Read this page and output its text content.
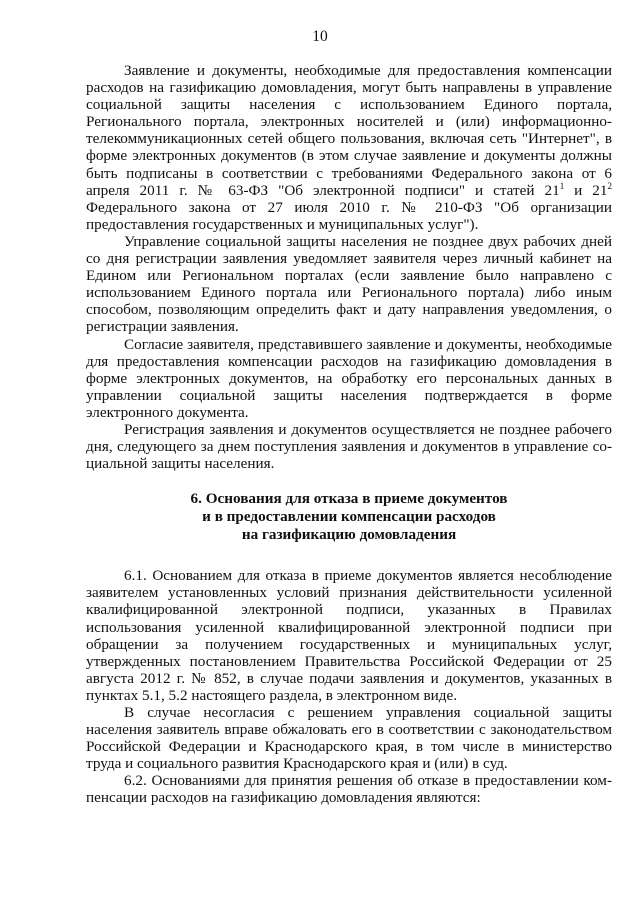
10

Заявление и документы, необходимые для предоставления компенсации расходов на газификацию домовладения, могут быть направлены в управление социальной защиты населения с использованием Единого портала, Регионального портала, электронных носителей и (или) информационно-телекоммуникационных сетей общего пользования, включая сеть "Интернет", в форме электронных документов (в этом случае заявление и документы должны быть подписаны в соответствии с требованиями Федерального закона от 6 апреля 2011 г. № 63-ФЗ "Об электронной подписи" и статей $21^1$ и $21^2$ Федерального закона от 27 июля 2010 г. № 210-ФЗ "Об организации предоставления государственных и муниципальных услуг").

Управление социальной защиты населения не позднее двух рабочих дней со дня регистрации заявления уведомляет заявителя через личный кабинет на Едином или Региональном порталах (если заявление было направлено с использованием Единого портала или Регионального портала) либо иным способом, позволяющим определить факт и дату направления уведомления, о регистрации заявления.

Согласие заявителя, представившего заявление и документы, необходимые для предоставления компенсации расходов на газификацию домовладения в форме электронных документов, на обработку его персональных данных в управлении социальной защиты населения подтверждается в форме электронного документа.

Регистрация заявления и документов осуществляется не позднее рабочего дня, следующего за днем поступления заявления и документов в управление социальной защиты населения.

6. Основания для отказа в приеме документов
и в предоставлении компенсации расходов
на газификацию домовладения

6.1. Основанием для отказа в приеме документов является несоблюдение заявителем установленных условий признания действительности усиленной квалифицированной электронной подписи, указанных в Правилах использования усиленной квалифицированной электронной подписи при обращении за получением государственных и муниципальных услуг, утвержденных постановлением Правительства Российской Федерации от 25 августа 2012 г. № 852, в случае подачи заявления и документов, указанных в пунктах 5.1, 5.2 настоящего раздела, в электронном виде.

В случае несогласия с решением управления социальной защиты населения заявитель вправе обжаловать его в соответствии с законодательством Российской Федерации и Краснодарского края, в том числе в министерство труда и социального развития Краснодарского края и (или) в суд.

6.2. Основаниями для принятия решения об отказе в предоставлении компенсации расходов на газификацию домовладения являются:
